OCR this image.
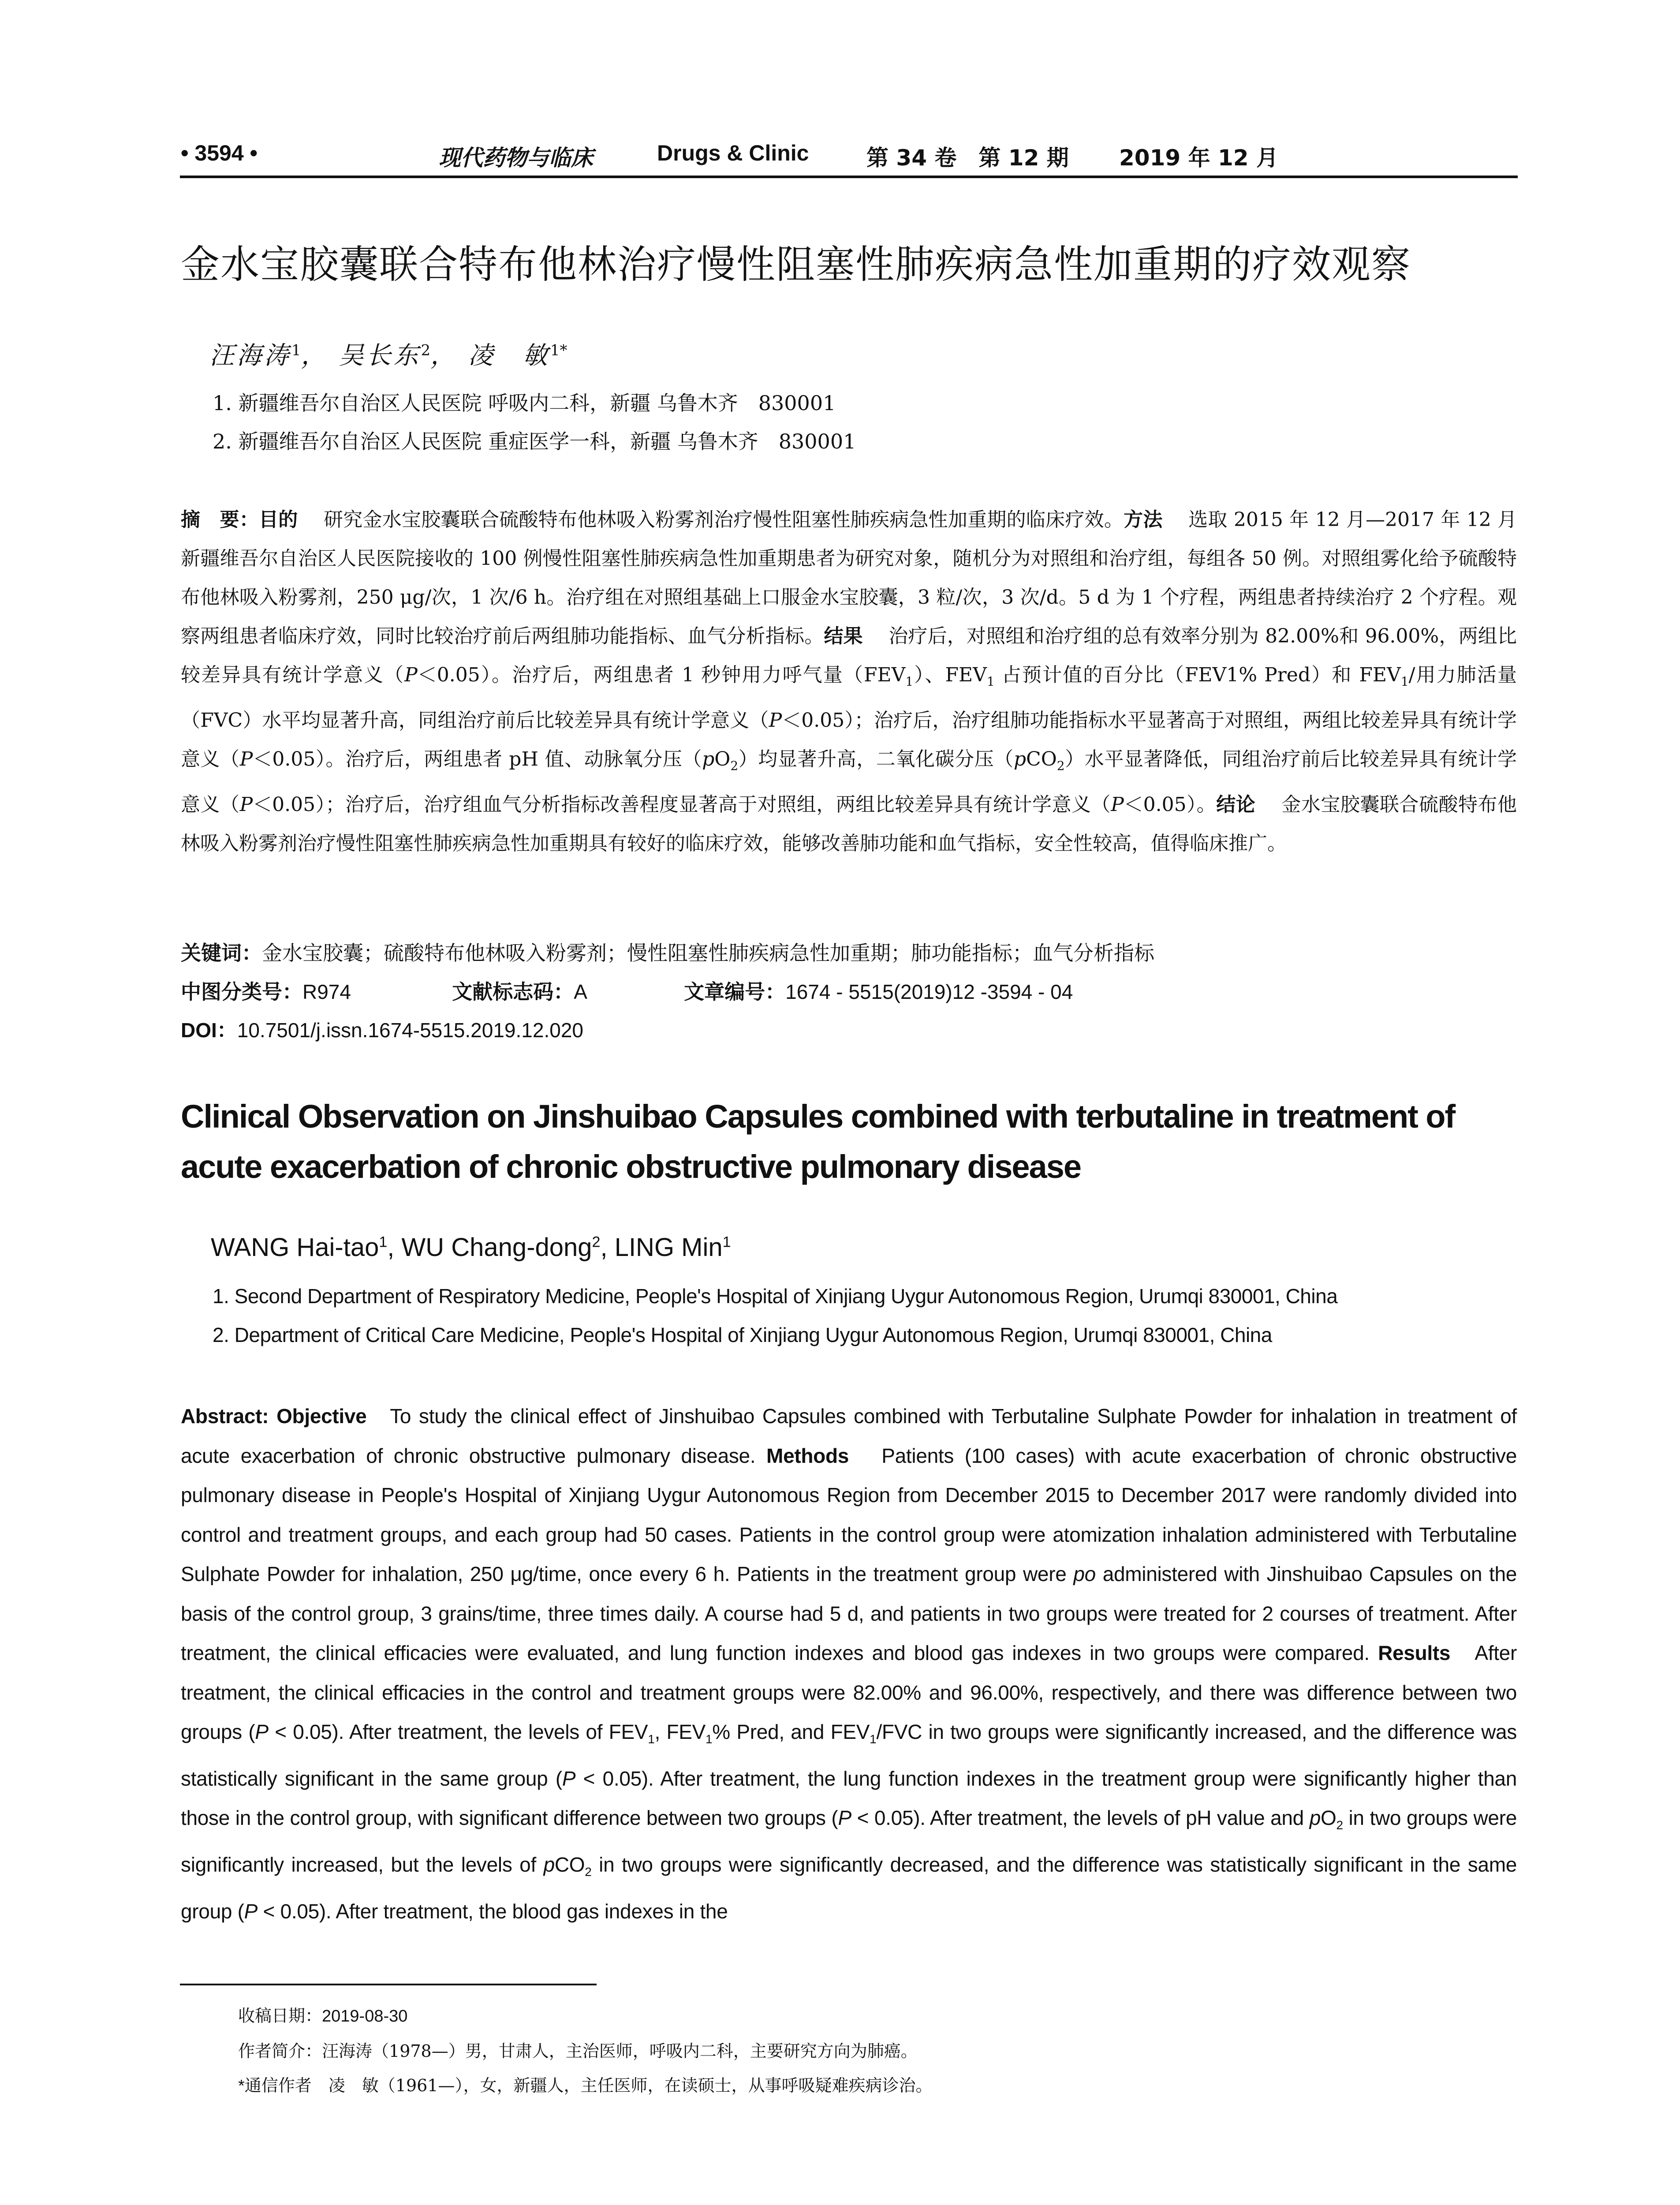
• 3594 •	现代药物与临床	Drugs & Clinic	第 34 卷　第 12 期 2019 年 12 月
金水宝胶囊联合特布他林治疗慢性阻塞性肺疾病急性加重期的疗效观察
汪海涛$^1$， 吴长东$^2$， 凌　敏$^{1*}$
1. 新疆维吾尔自治区人民医院 呼吸内二科，新疆 乌鲁木齐　830001
2. 新疆维吾尔自治区人民医院 重症医学一科，新疆 乌鲁木齐　830001
摘　要：目的　 研究金水宝胶囊联合硫酸特布他林吸入粉雾剂治疗慢性阻塞性肺疾病急性加重期的临床疗效。方法　 选取 2015 年 12 月—2017 年 12 月新疆维吾尔自治区人民医院接收的 100 例慢性阻塞性肺疾病急性加重期患者为研究对象，随机分为对照组和治疗组，每组各 50 例。对照组雾化给予硫酸特布他林吸入粉雾剂，250 μg/次，1 次/6 h。治疗组在对照组基础上口服金水宝胶囊，3 粒/次，3 次/d。5 d 为 1 个疗程，两组患者持续治疗 2 个疗程。观察两组患者临床疗效，同时比较治疗前后两组肺功能指标、血气分析指标。结果　 治疗后，对照组和治疗组的总有效率分别为 82.00%和 96.00%，两组比较差异具有统计学意义（P＜0.05）。治疗后，两组患者 1 秒钟用力呼气量$(FEV_1)$、$FEV_1$ 占预计值的百分比（FEV1% Pred）和 $FEV_1/$用力肺活量（FVC）水平均显著升高，同组治疗前后比较差异具有统计学意义（P＜0.05）；治疗后，治疗组肺功能指标水平显著高于对照组，两组比较差异具有统计学意义（P＜0.05）。治疗后，两组患者 pH 值、动脉氧分压$(pO_2)$均显著升高，二氧化碳分压（pCO$_2$）水平显著降低，同组治疗前后比较差异具有统计学意义（P＜0.05）；治疗后，治疗组血气分析指标改善程度显著高于对照组，两组比较差异具有统计学意义（P＜0.05）。结论　 金水宝胶囊联合硫酸特布他林吸入粉雾剂治疗慢性阻塞性肺疾病急性加重期具有较好的临床疗效，能够改善肺功能和血气指标，安全性较高，值得临床推广。
关键词：金水宝胶囊；硫酸特布他林吸入粉雾剂；慢性阻塞性肺疾病急性加重期；肺功能指标；血气分析指标
中图分类号：R974	文献标志码：A	文章编号：1674 - 5515(2019)12 -3594 - 04
DOI：10.7501/j.issn.1674-5515.2019.12.020
Clinical Observation on Jinshuibao Capsules combined with terbutaline in treatment of acute exacerbation of chronic obstructive pulmonary disease
WANG Hai-tao$^1$, WU Chang-dong$^2$, LING Min$^1$
1. Second Department of Respiratory Medicine, People's Hospital of Xinjiang Uygur Autonomous Region, Urumqi 830001, China
2. Department of Critical Care Medicine, People's Hospital of Xinjiang Uygur Autonomous Region, Urumqi 830001, China
Abstract: Objective To study the clinical effect of Jinshuibao Capsules combined with Terbutaline Sulphate Powder for inhalation in treatment of acute exacerbation of chronic obstructive pulmonary disease. Methods Patients (100 cases) with acute exacerbation of chronic obstructive pulmonary disease in People's Hospital of Xinjiang Uygur Autonomous Region from December 2015 to December 2017 were randomly divided into control and treatment groups, and each group had 50 cases. Patients in the control group were atomization inhalation administered with Terbutaline Sulphate Powder for inhalation, 250 μg/time, once every 6 h. Patients in the treatment group were po administered with Jinshuibao Capsules on the basis of the control group, 3 grains/time, three times daily. A course had 5 d, and patients in two groups were treated for 2 courses of treatment. After treatment, the clinical efficacies were evaluated, and lung function indexes and blood gas indexes in two groups were compared. Results After treatment, the clinical efficacies in the control and treatment groups were 82.00% and 96.00%, respectively, and there was difference between two groups (P < 0.05). After treatment, the levels of $FEV_1$, $FEV_1\%$ Pred, and $FEV_1$/FVC in two groups were significantly increased, and the difference was statistically significant in the same group (P < 0.05). After treatment, the lung function indexes in the treatment group were significantly higher than those in the control group, with significant difference between two groups (P < 0.05). After treatment, the levels of pH value and $pO_2$ in two groups were significantly increased, but the levels of pCO$_2$ in two groups were significantly decreased, and the difference was statistically significant in the same group (P < 0.05). After treatment, the blood gas indexes in the
收稿日期：2019-08-30
作者简介：汪海涛（1978—）男，甘肃人，主治医师，呼吸内二科，主要研究方向为肺癌。
*通信作者　凌　敏（1961—），女，新疆人，主任医师，在读硕士，从事呼吸疑难疾病诊治。
